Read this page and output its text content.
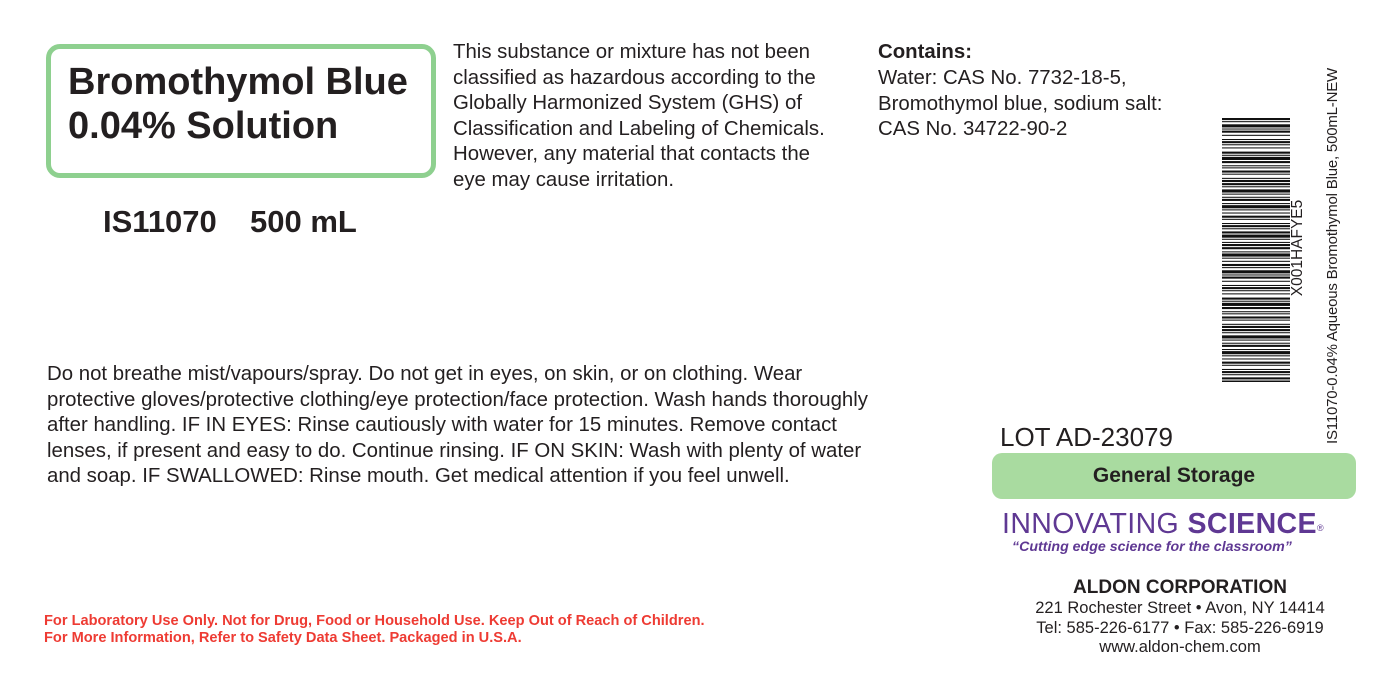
Bromothymol Blue
0.04% Solution
IS11070 500 mL
This substance or mixture has not been
classified as hazardous according to the
Globally Harmonized System (GHS) of
Classification and Labeling of Chemicals.
However, any material that contacts the
eye may cause irritation.
Contains:
Water: CAS No. 7732-18-5,
Bromothymol blue, sodium salt:
CAS No. 34722-90-2
X001HAFYE5 IS11070-0.04% Aqueous Bromothymol Blue, 500mL-NEW
Do not breathe mist/vapours/spray. Do not get in eyes, on skin, or on clothing. Wear
protective gloves/protective clothing/eye protection/face protection. Wash hands thoroughly
after handling. IF IN EYES: Rinse cautiously with water for 15 minutes. Remove contact
lenses, if present and easy to do. Continue rinsing. IF ON SKIN: Wash with plenty of water
and soap. IF SWALLOWED: Rinse mouth. Get medical attention if you feel unwell.
LOT AD-23079
General Storage
INNOVATING SCIENCE®
“Cutting edge science for the classroom”
ALDON CORPORATION
221 Rochester Street • Avon, NY 14414
Tel: 585-226-6177 • Fax: 585-226-6919
www.aldon-chem.com
For Laboratory Use Only. Not for Drug, Food or Household Use. Keep Out of Reach of Children.
For More Information, Refer to Safety Data Sheet. Packaged in U.S.A.
